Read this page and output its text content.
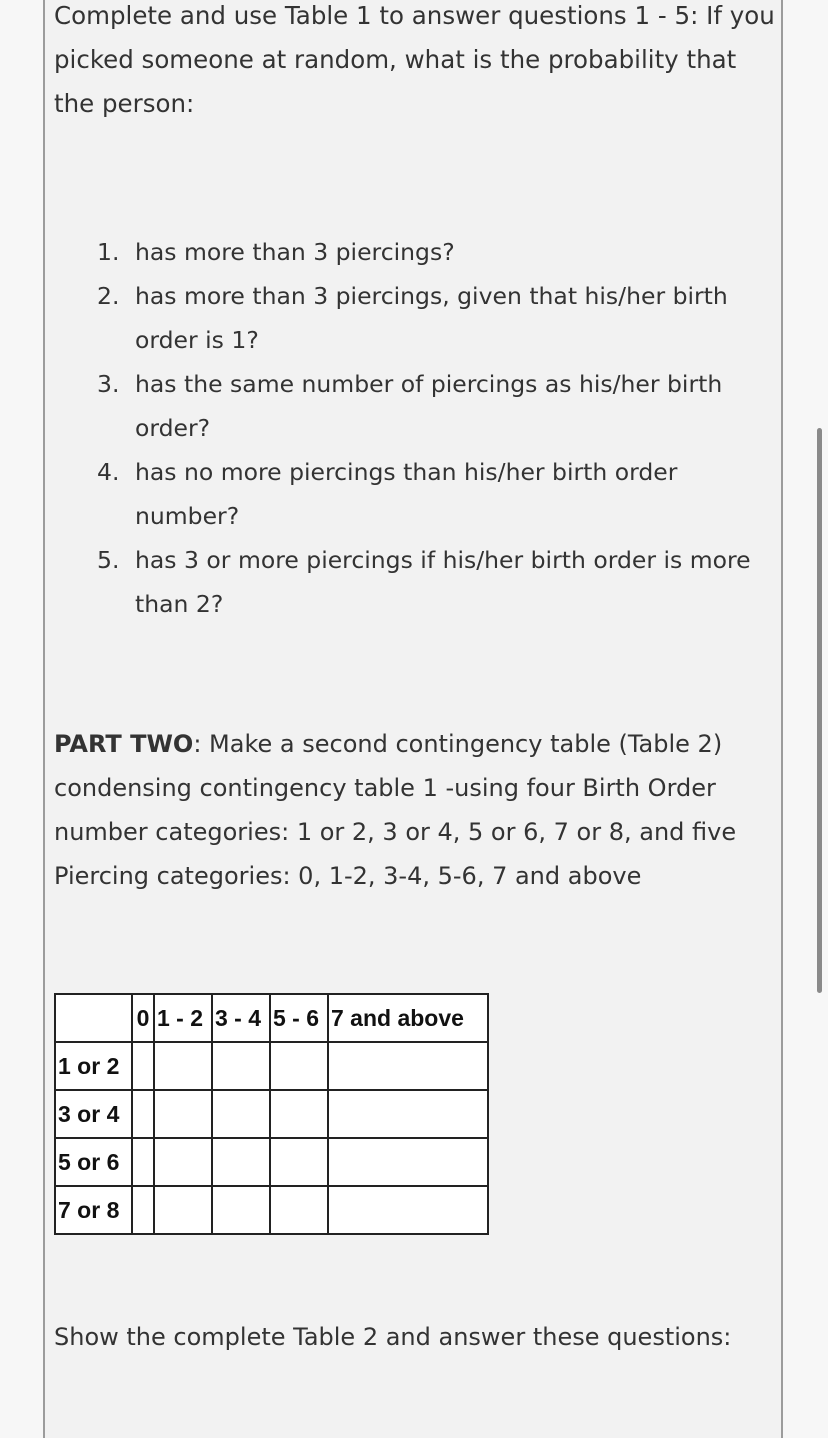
Complete and use Table 1 to answer questions 1 - 5: If you picked someone at random, what is the probability that the person:

1. has more than 3 piercings?
2. has more than 3 piercings, given that his/her birth order is 1?
3. has the same number of piercings as his/her birth order?
4. has no more piercings than his/her birth order number?
5. has 3 or more piercings if his/her birth order is more than 2?

PART TWO: Make a second contingency table (Table 2) condensing contingency table 1 -using four Birth Order number categories: 1 or 2, 3 or 4, 5 or 6, 7 or 8, and five Piercing categories: 0, 1-2, 3-4, 5-6, 7 and above

	0	1 - 2	3 - 4	5 - 6	7 and above
1 or 2					
3 or 4					
5 or 6					
7 or 8					

Show the complete Table 2 and answer these questions:
